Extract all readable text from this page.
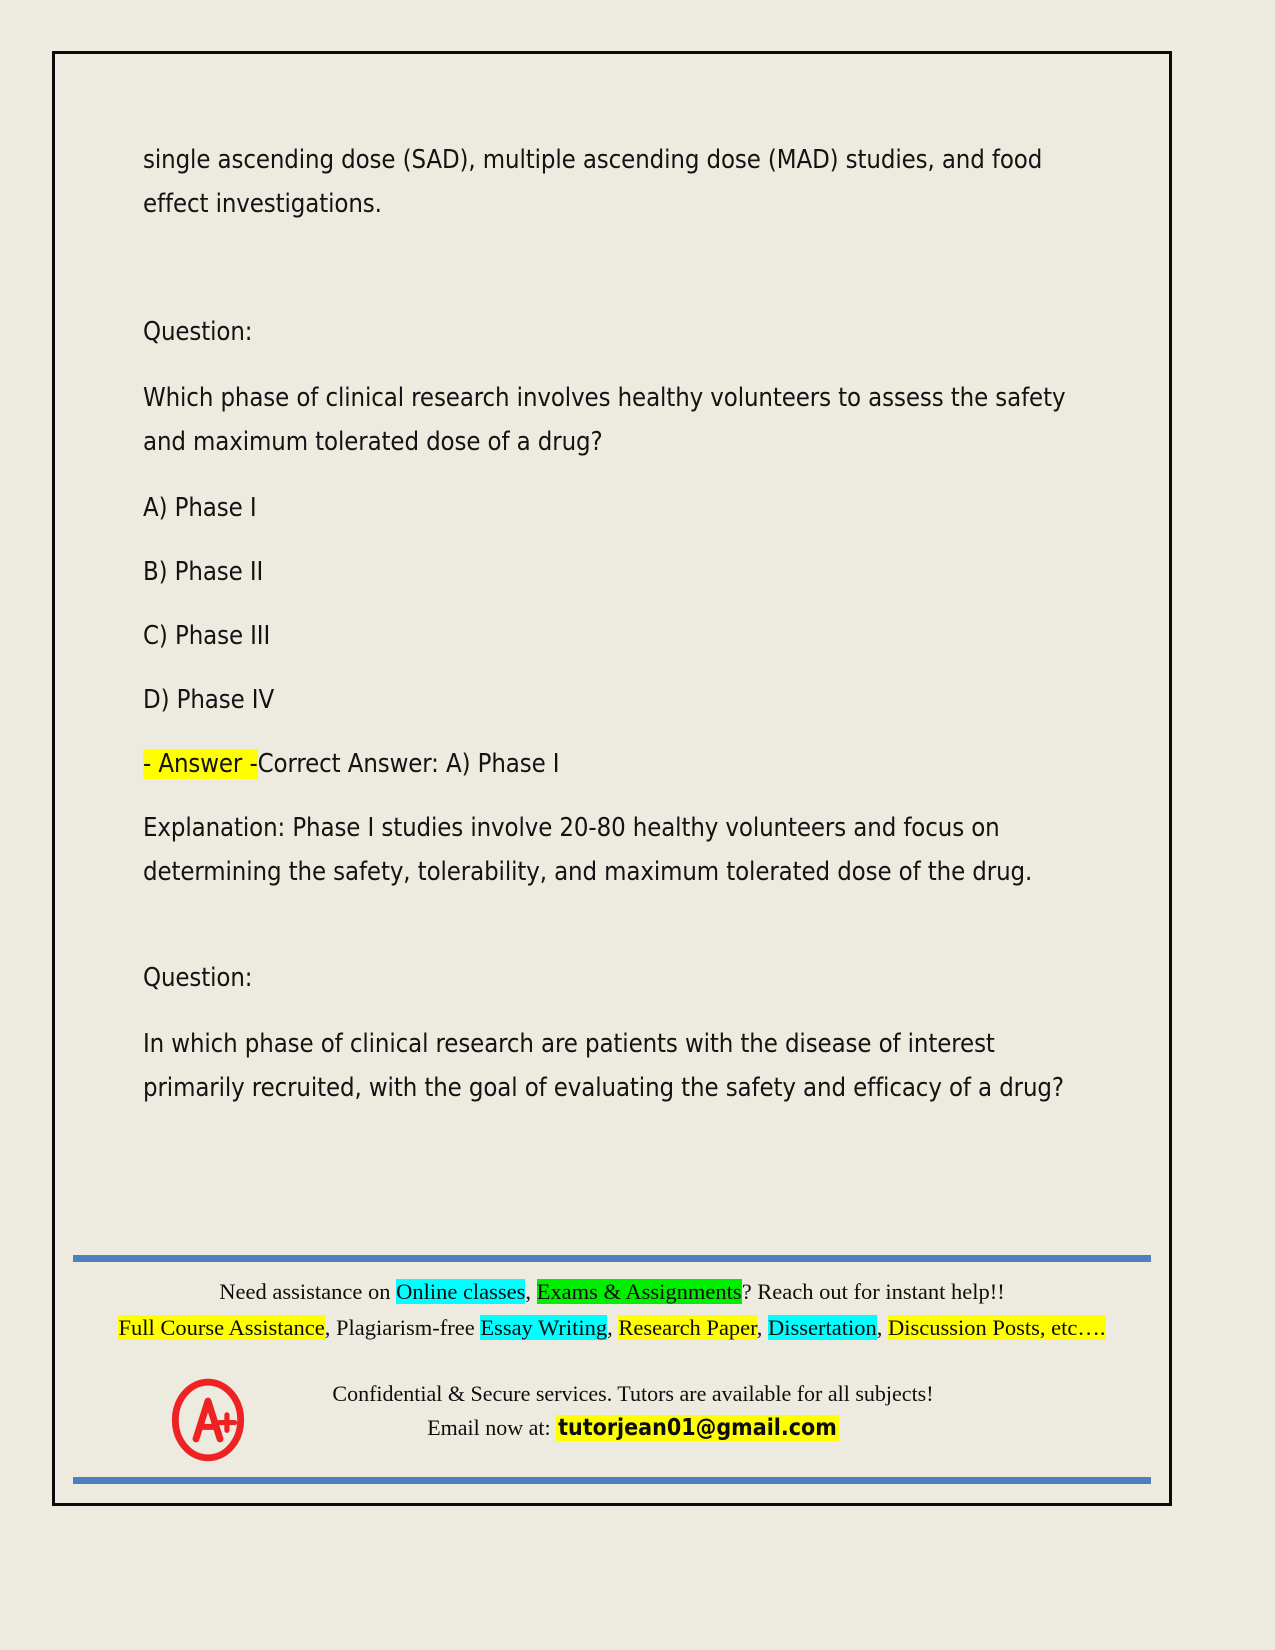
single ascending dose (SAD), multiple ascending dose (MAD) studies, and food effect investigations.

Question:

Which phase of clinical research involves healthy volunteers to assess the safety and maximum tolerated dose of a drug?

A) Phase I

B) Phase II

C) Phase III

D) Phase IV

- Answer -Correct Answer: A) Phase I

Explanation: Phase I studies involve 20-80 healthy volunteers and focus on determining the safety, tolerability, and maximum tolerated dose of the drug.

Question:

In which phase of clinical research are patients with the disease of interest primarily recruited, with the goal of evaluating the safety and efficacy of a drug?

Need assistance on Online classes, Exams & Assignments? Reach out for instant help!!
Full Course Assistance, Plagiarism-free Essay Writing, Research Paper, Dissertation, Discussion Posts, etc….
Confidential & Secure services. Tutors are available for all subjects!
Email now at: tutorjean01@gmail.com
